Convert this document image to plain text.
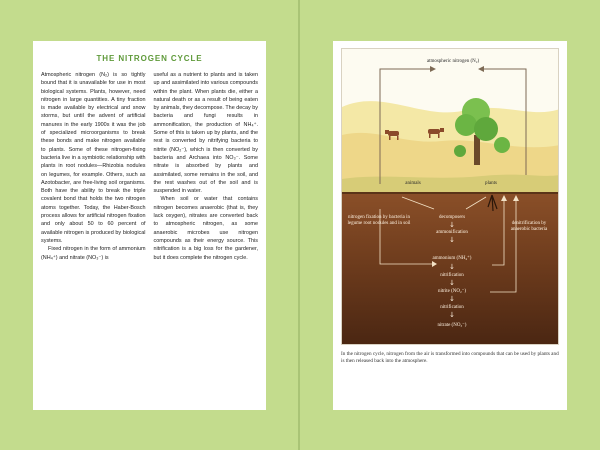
THE NITROGEN CYCLE

Atmospheric nitrogen (N₂) is so tightly bound that it is unavailable for use in most biological systems. Plants, however, need nitrogen in large quantities. A tiny fraction is made available by electrical and snow storms, but until the advent of artificial manures in the early 1900s it was the job of specialized microorganisms to break these bonds and make nitrogen available to plants. Some of these nitrogen-fixing bacteria live in a symbiotic relationship with plants in root nodules—Rhizobia nodules on legumes, for example. Others, such as Azotobacter, are free-living soil organisms. Both have the ability to break the triple covalent bond that holds the two nitrogen atoms together. Today, the Haber-Bosch process allows for artificial nitrogen fixation and only about 50 to 60 percent of available nitrogen is produced by biological systems.

Fixed nitrogen in the form of ammonium (NH₄⁺) and nitrate (NO₃⁻) is

useful as a nutrient to plants and is taken up and assimilated into various compounds within the plant. When plants die, either a natural death or as a result of being eaten by animals, they decompose. The decay by bacteria and fungi results in ammonification, the production of NH₄⁺. Some of this is taken up by plants, and the rest is converted by nitrifying bacteria to nitrite (NO₂⁻), which is then converted by bacteria and Archaea into NO₃⁻. Some nitrate is absorbed by plants and assimilated, some remains in the soil, and the rest washes out of the soil and is suspended in water.

When soil or water that contains nitrogen becomes anaerobic (that is, they lack oxygen), nitrates are converted back to atmospheric nitrogen, as some anaerobic microbes use nitrogen compounds as their energy source. This nitrification is a big loss for the gardener, but it does complete the nitrogen cycle.

atmospheric nitrogen (N₂)
animals	plants
nitrogen fixation by bacteria in legume root nodules and in soil	denitrification by anaerobic bacteria
decomposers
↓
ammonification
↓
ammonium (NH₄⁺)
↓
nitrification
↓
nitrite (NO₂⁻)
↓
nitrification
↓
nitrate (NO₃⁻)
In the nitrogen cycle, nitrogen from the air is transformed into compounds that can be used by plants and is then released back into the atmosphere.
